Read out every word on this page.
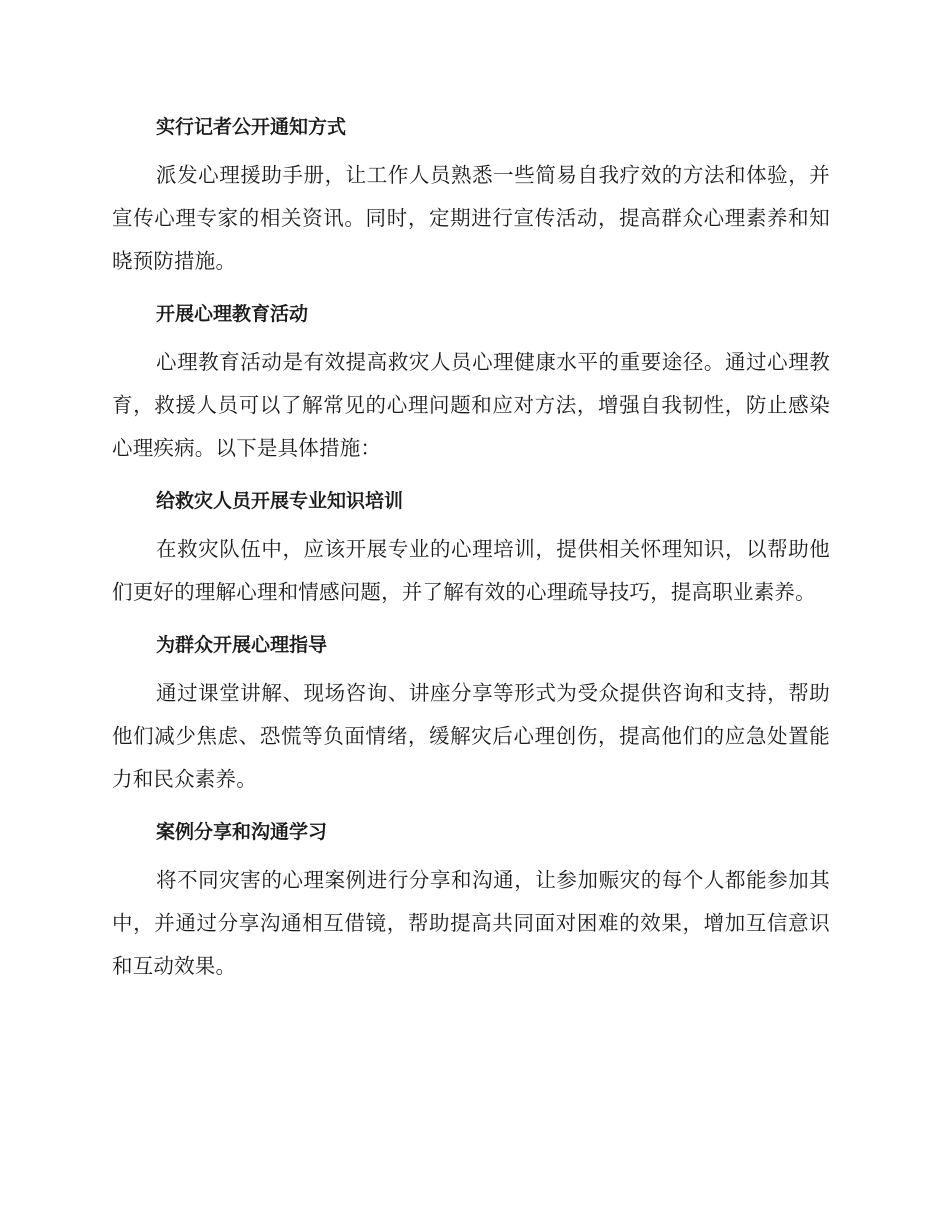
实行记者公开通知方式

派发心理援助手册，让工作人员熟悉一些简易自我疗效的方法和体验，并宣传心理专家的相关资讯。同时，定期进行宣传活动，提高群众心理素养和知晓预防措施。

开展心理教育活动

心理教育活动是有效提高救灾人员心理健康水平的重要途径。通过心理教育，救援人员可以了解常见的心理问题和应对方法，增强自我韧性，防止感染心理疾病。以下是具体措施：

给救灾人员开展专业知识培训

在救灾队伍中，应该开展专业的心理培训，提供相关怀理知识，以帮助他们更好的理解心理和情感问题，并了解有效的心理疏导技巧，提高职业素养。

为群众开展心理指导

通过课堂讲解、现场咨询、讲座分享等形式为受众提供咨询和支持，帮助他们减少焦虑、恐慌等负面情绪，缓解灾后心理创伤，提高他们的应急处置能力和民众素养。

案例分享和沟通学习

将不同灾害的心理案例进行分享和沟通，让参加赈灾的每个人都能参加其中，并通过分享沟通相互借镜，帮助提高共同面对困难的效果，增加互信意识和互动效果。
